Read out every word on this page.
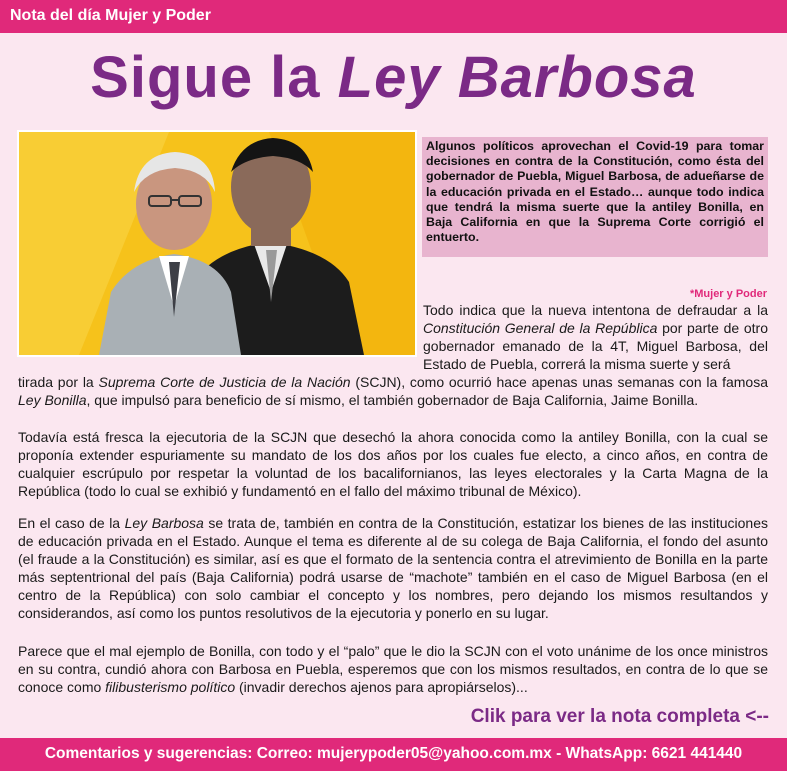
Nota del día Mujer y Poder
Sigue la Ley Barbosa
Algunos políticos aprovechan el Covid-19 para tomar decisiones en contra de la Constitución, como ésta del gobernador de Puebla, Miguel Barbosa, de adueñarse de la educación privada en el Estado… aunque todo indica que tendrá la misma suerte que la antiley Bonilla, en Baja California en que la Suprema Corte corrigió el entuerto.
*Mujer y Poder
Todo indica que la nueva intentona de defraudar a la Constitución General de la República por parte de otro gobernador emanado de la 4T, Miguel Barbosa, del Estado de Puebla, correrá la misma suerte y será
tirada por la Suprema Corte de Justicia de la Nación (SCJN), como ocurrió hace apenas unas semanas con la famosa Ley Bonilla, que impulsó para beneficio de sí mismo, el también gobernador de Baja California, Jaime Bonilla.
Todavía está fresca la ejecutoria de la SCJN que desechó la ahora conocida como la antiley Bonilla, con la cual se proponía extender espuriamente su mandato de los dos años por los cuales fue electo, a cinco años, en contra de cualquier escrúpulo por respetar la voluntad de los bacalifornianos, las leyes electorales y la Carta Magna de la República (todo lo cual se exhibió y fundamentó en el fallo del máximo tribunal de México).
En el caso de la Ley Barbosa se trata de, también en contra de la Constitución, estatizar los bienes de las instituciones de educación privada en el Estado. Aunque el tema es diferente al de su colega de Baja California, el fondo del asunto (el fraude a la Constitución) es similar, así es que el formato de la sentencia contra el atrevimiento de Bonilla en la parte más septentrional del país (Baja California) podrá usarse de “machote” también en el caso de Miguel Barbosa (en el centro de la República) con solo cambiar el concepto y los nombres, pero dejando los mismos resultandos y considerandos, así como los puntos resolutivos de la ejecutoria y ponerlo en su lugar.
Parece que el mal ejemplo de Bonilla, con todo y el “palo” que le dio la SCJN con el voto unánime de los once ministros en su contra, cundió ahora con Barbosa en Puebla, esperemos que con los mismos resultados, en contra de lo que se conoce como filibusterismo político (invadir derechos ajenos para apropiárselos)...
Clik para ver la nota completa <--
Comentarios y sugerencias: Correo: mujerypoder05@yahoo.com.mx - WhatsApp: 6621 441440
